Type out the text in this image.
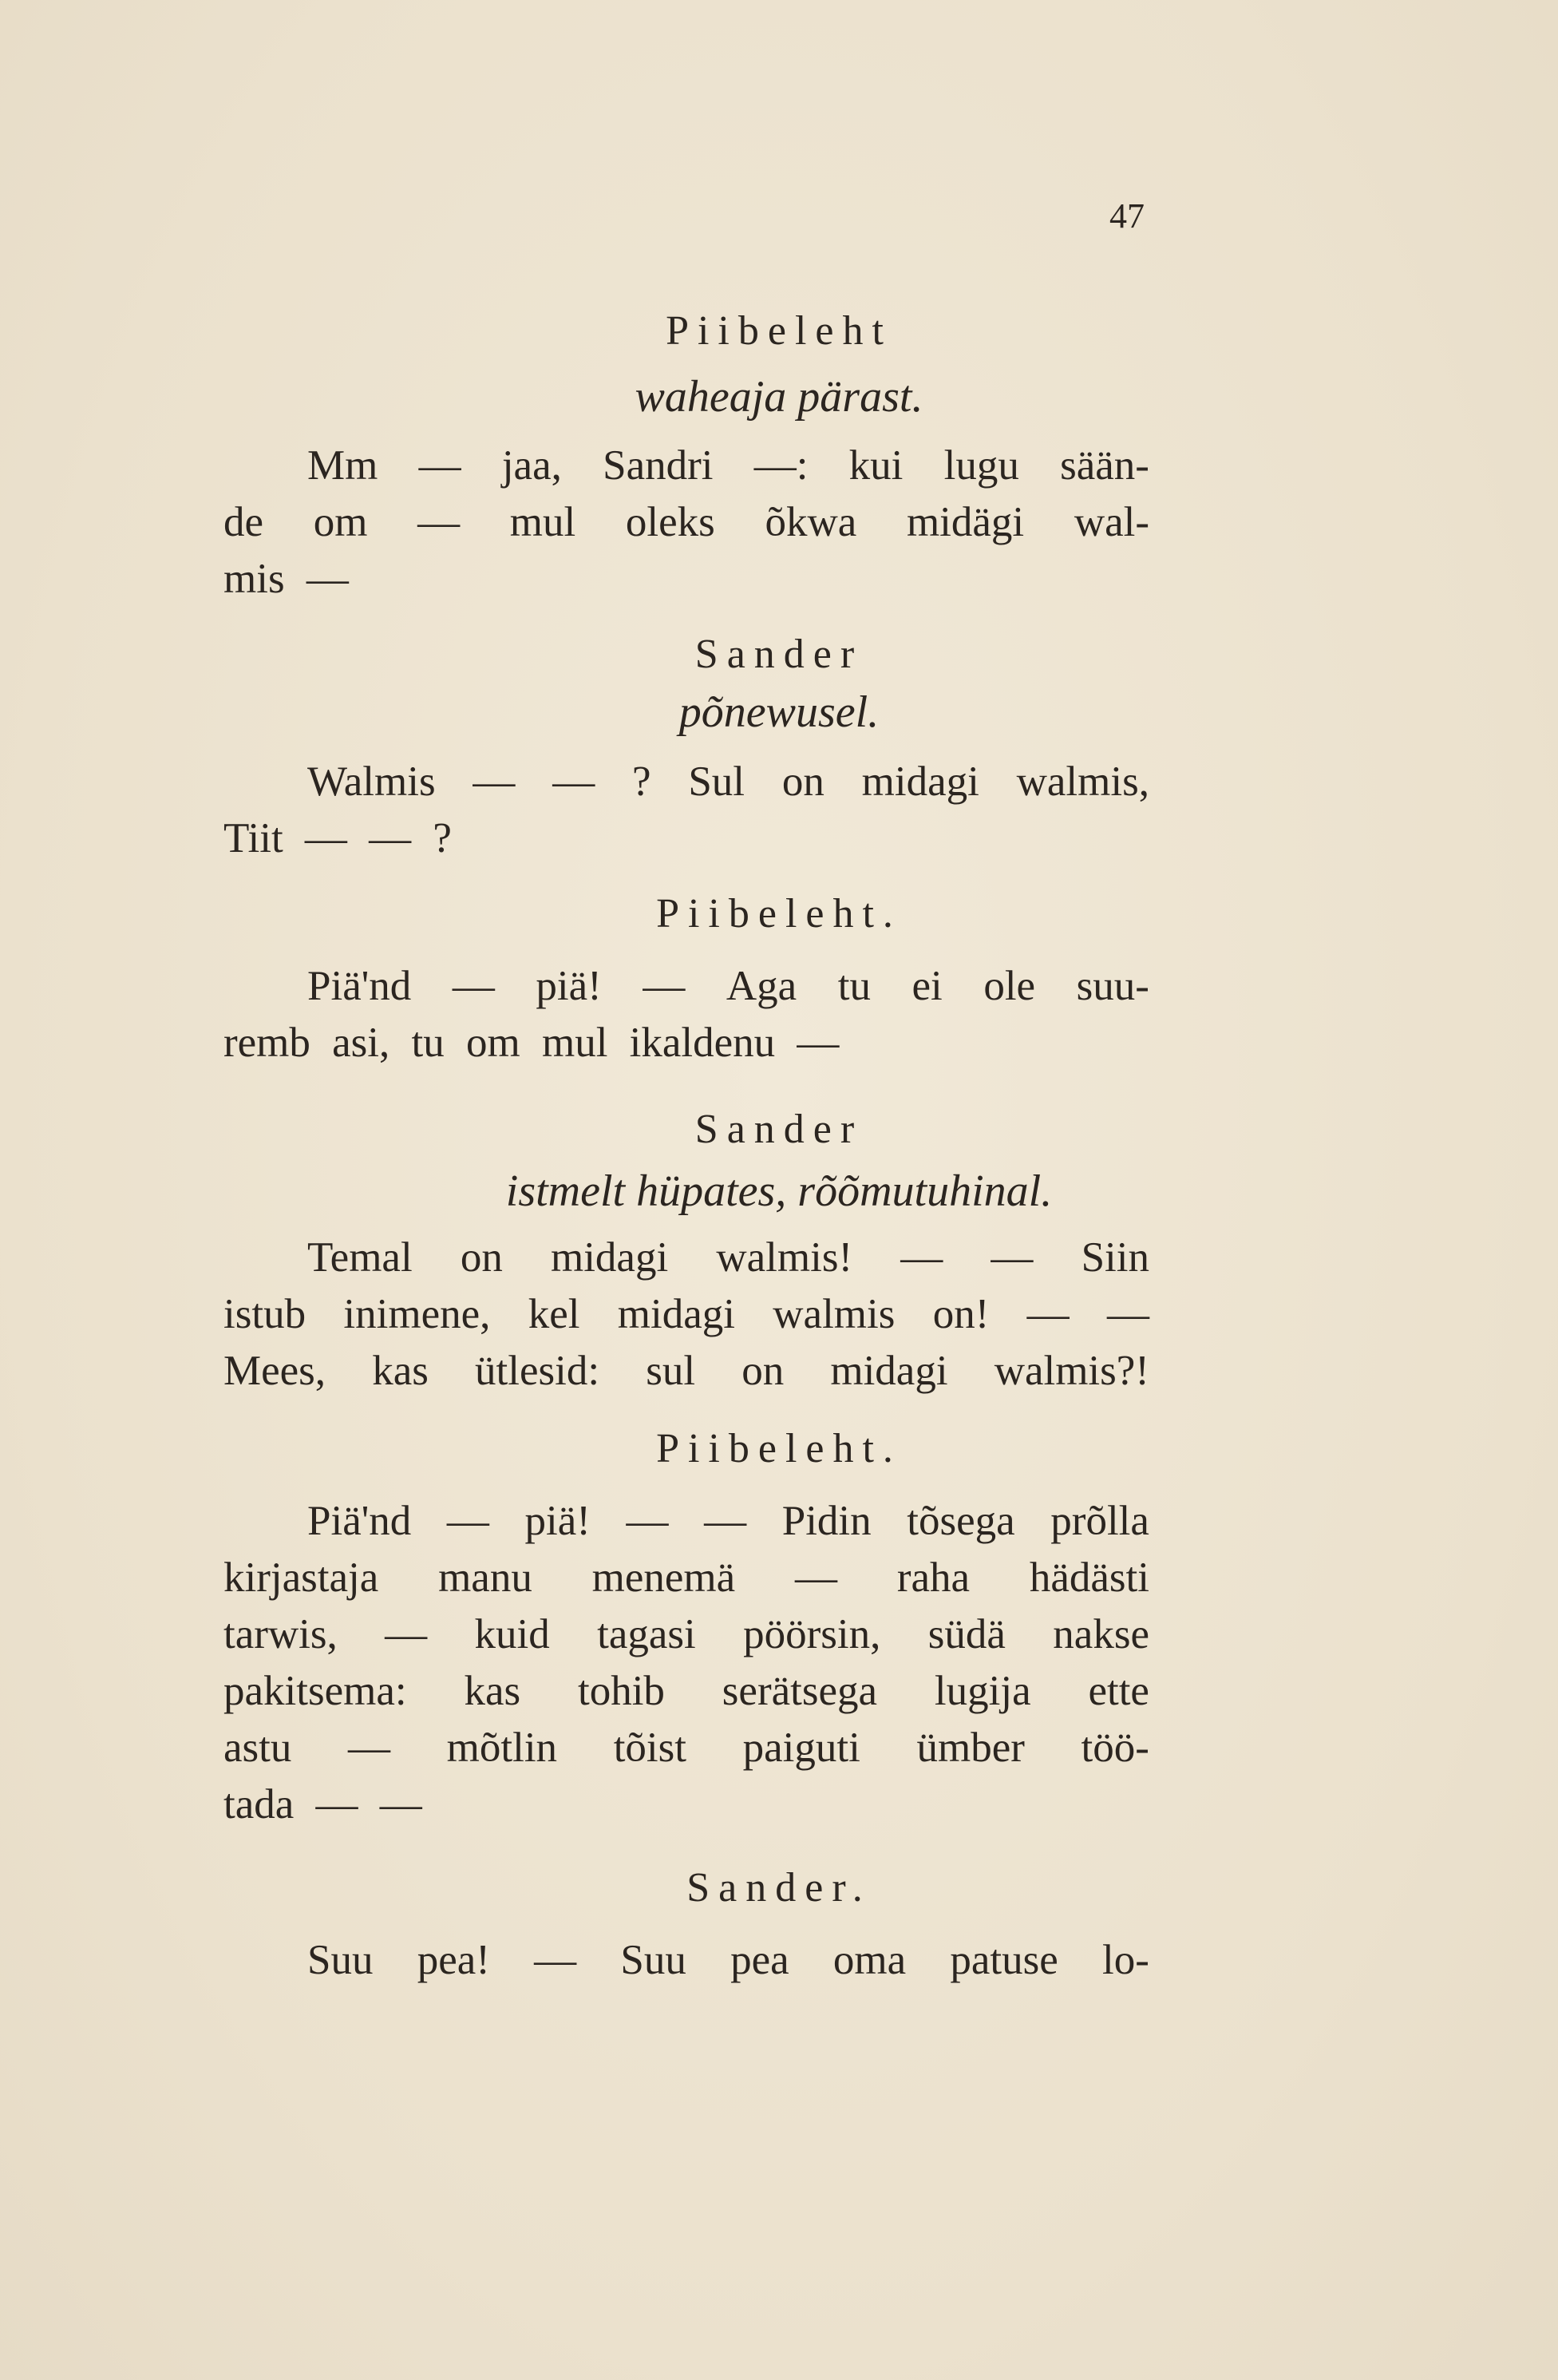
47
Piibeleht
waheaja pärast.
Mm — jaa, Sandri —: kui lugu sään-
de om — mul oleks õkwa midägi wal-
mis —
Sander
põnewusel.
Walmis — — ? Sul on midagi walmis,
Tiit — — ?
Piibeleht.
Piä'nd — piä! — Aga tu ei ole suu-
remb asi, tu om mul ikaldenu —
Sander
istmelt hüpates, rõõmutuhinal.
Temal on midagi walmis! — — Siin
istub inimene, kel midagi walmis on! — —
Mees, kas ütlesid: sul on midagi walmis?!
Piibeleht.
Piä'nd — piä! — — Pidin tõsega prõlla
kirjastaja manu menemä — raha hädästi
tarwis, — kuid tagasi pöörsin, südä nakse
pakitsema: kas tohib serätsega lugija ette
astu — mõtlin tõist paiguti ümber töö-
tada — —
Sander.
Suu pea! — Suu pea oma patuse lo-
